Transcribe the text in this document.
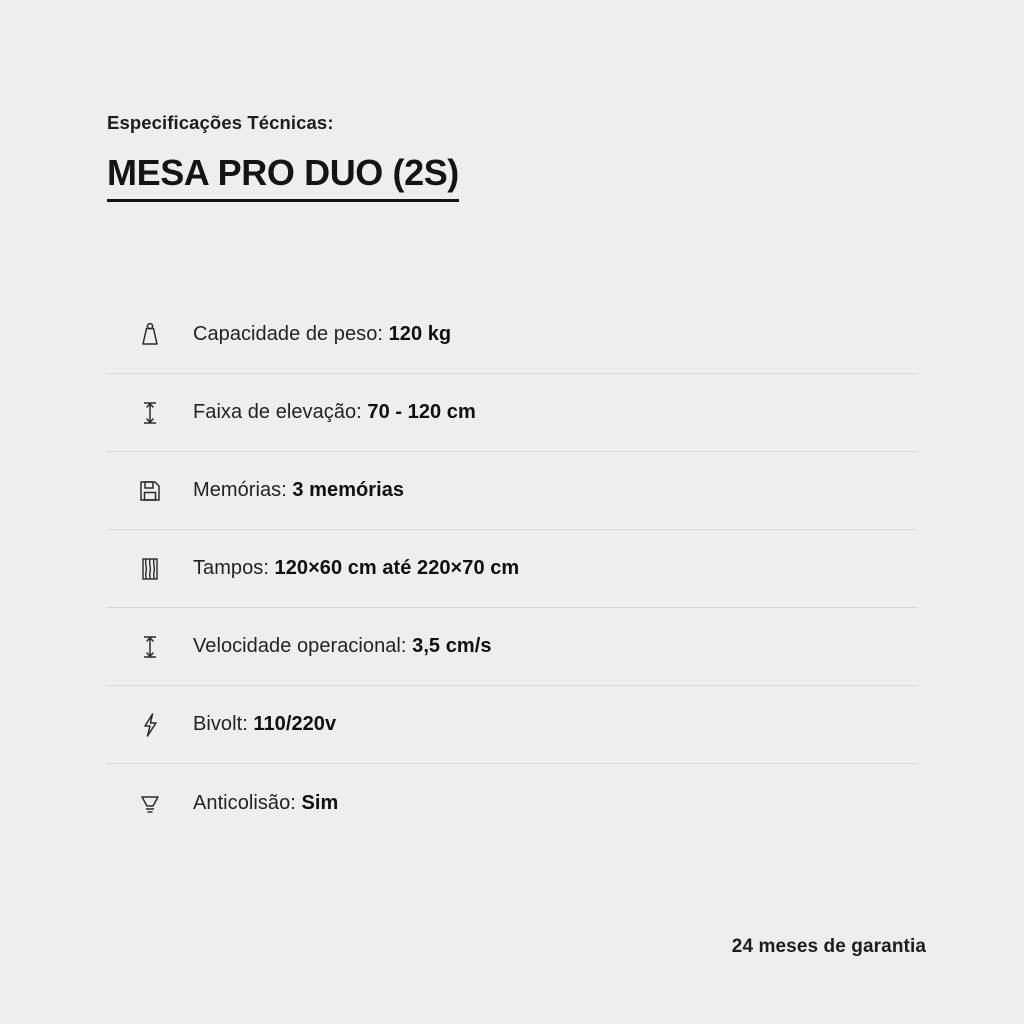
Especificações Técnicas:

MESA PRO DUO (2S)
Capacidade de peso: 120 kg
Faixa de elevação: 70 - 120 cm
Memórias: 3 memórias
Tampos: 120×60 cm até 220×70 cm
Velocidade operacional: 3,5 cm/s
Bivolt: 110/220v
Anticolisão: Sim
24 meses de garantia
